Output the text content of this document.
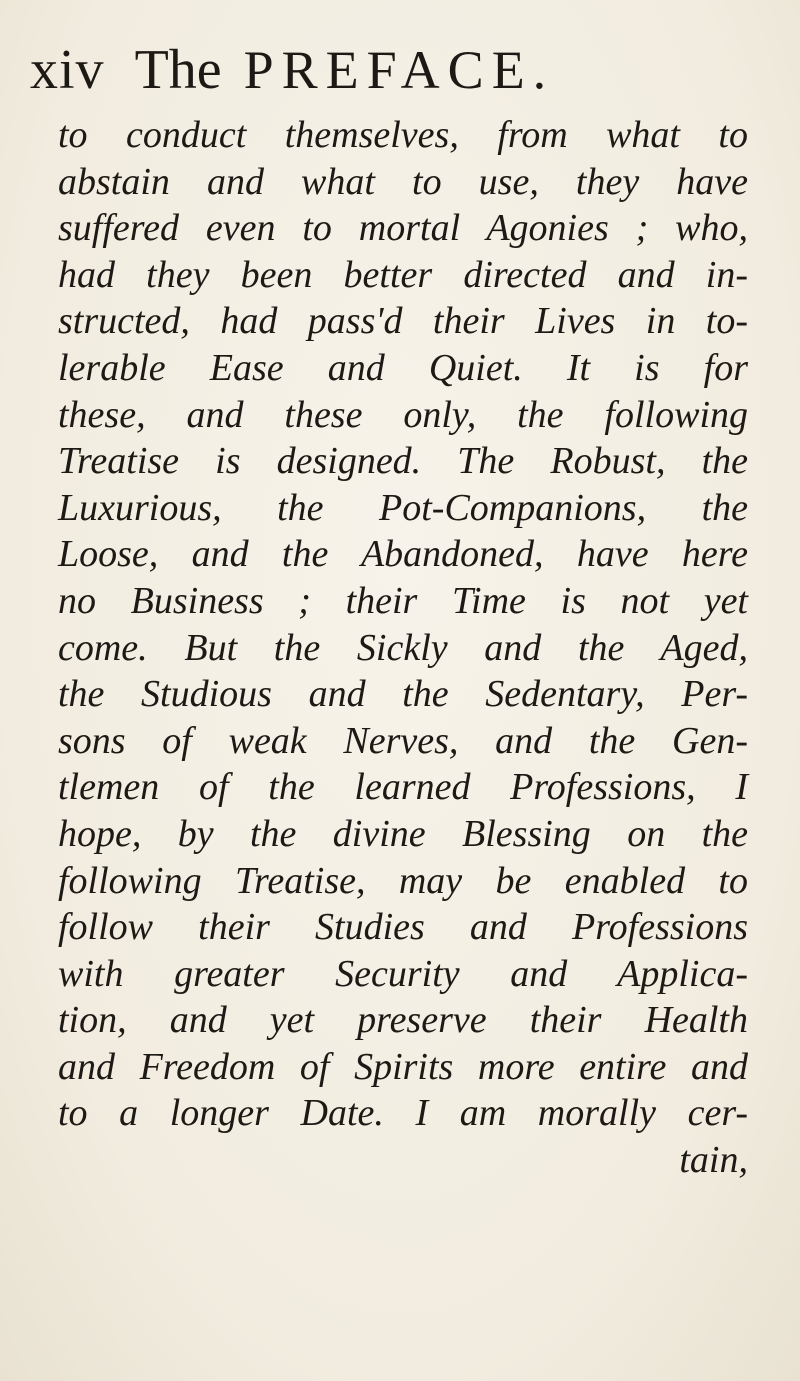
xiv The PREFACE.
to conduct themselves, from what to
abstain and what to use, they have
suffered even to mortal Agonies ; who,
had they been better directed and in-
structed, had pass'd their Lives in to-
lerable Ease and Quiet. It is for
these, and these only, the following
Treatise is designed. The Robust, the
Luxurious, the Pot-Companions, the
Loose, and the Abandoned, have here
no Business ; their Time is not yet
come. But the Sickly and the Aged,
the Studious and the Sedentary, Per-
sons of weak Nerves, and the Gen-
tlemen of the learned Professions, I
hope, by the divine Blessing on the
following Treatise, may be enabled to
follow their Studies and Professions
with greater Security and Applica-
tion, and yet preserve their Health
and Freedom of Spirits more entire and
to a longer Date. I am morally cer-
tain,
